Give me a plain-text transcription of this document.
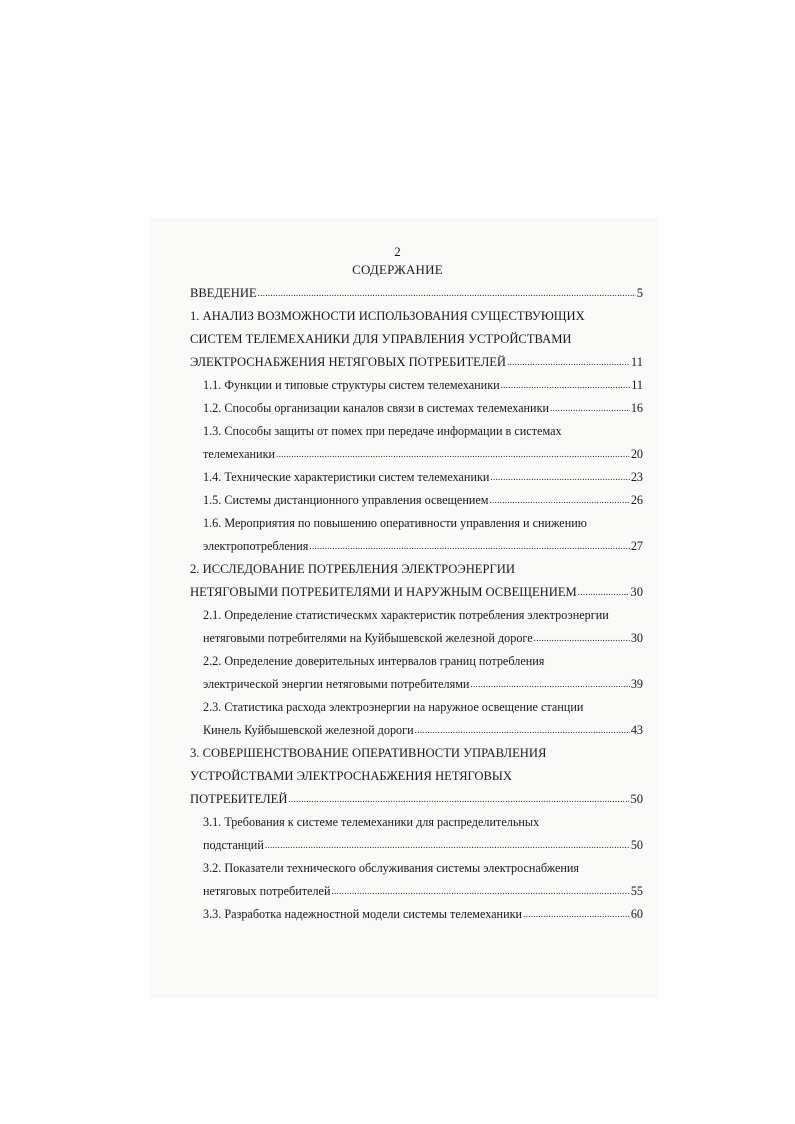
2
СОДЕРЖАНИЕ
ВВЕДЕНИЕ .....	5
1. АНАЛИЗ ВОЗМОЖНОСТИ ИСПОЛЬЗОВАНИЯ СУЩЕСТВУЮЩИХ
СИСТЕМ ТЕЛЕМЕХАНИКИ ДЛЯ УПРАВЛЕНИЯ УСТРОЙСТВАМИ
ЭЛЕКТРОСНАБЖЕНИЯ НЕТЯГОВЫХ ПОТРЕБИТЕЛЕЙ .....	11
1.1. Функции и типовые структуры систем телемеханики .....	11
1.2. Способы организации каналов связи в системах телемеханики .....	16
1.3. Способы защиты от помех при передаче информации в системах
телемеханики .....	20
1.4. Технические характеристики систем телемеханики .....	23
1.5. Системы дистанционного управления освещением .....	26
1.6. Мероприятия по повышению оперативности управления и снижению
электропотребления .....	27
2. ИССЛЕДОВАНИЕ ПОТРЕБЛЕНИЯ ЭЛЕКТРОЭНЕРГИИ
НЕТЯГОВЫМИ ПОТРЕБИТЕЛЯМИ И НАРУЖНЫМ ОСВЕЩЕНИЕМ .....	30
2.1. Определение статистическмх характеристик потребления электроэнергии
нетяговыми потребителями на Куйбышевской железной дороге .....	30
2.2. Определение доверительных интервалов границ потребления
электрической энергии нетяговыми потребителями .....	39
2.3. Статистика расхода электроэнергии на наружное освещение станции
Кинель Куйбышевской железной дороги .....	43
3. СОВЕРШЕНСТВОВАНИЕ ОПЕРАТИВНОСТИ УПРАВЛЕНИЯ
УСТРОЙСТВАМИ ЭЛЕКТРОСНАБЖЕНИЯ НЕТЯГОВЫХ
ПОТРЕБИТЕЛЕЙ .....	50
3.1. Требования к системе телемеханики для распределительных
подстанций .....	50
3.2. Показатели технического обслуживания системы электроснабжения
нетяговых потребителей .....	55
3.3. Разработка надежностной модели системы телемеханики .....	60
